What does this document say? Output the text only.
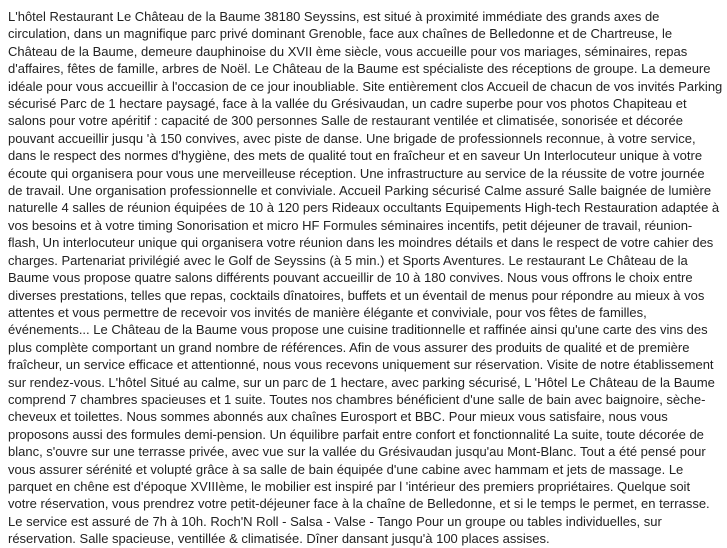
L'hôtel Restaurant Le Château de la Baume 38180 Seyssins, est situé à proximité immédiate des grands axes de
circulation, dans un magnifique parc privé dominant Grenoble, face aux chaînes de Belledonne et de Chartreuse, le
Château de la Baume, demeure dauphinoise du XVII ème siècle, vous accueille pour vos mariages, séminaires, repas
d'affaires, fêtes de famille, arbres de Noël. Le Château de la Baume est spécialiste des réceptions de groupe. La demeure
idéale pour vous accueillir à l'occasion de ce jour inoubliable. Site entièrement clos Accueil de chacun de vos invités Parking
sécurisé Parc de 1 hectare paysagé, face à la vallée du Grésivaudan, un cadre superbe pour vos photos Chapiteau et
salons pour votre apéritif : capacité de 300 personnes Salle de restaurant ventilée et climatisée, sonorisée et décorée
pouvant accueillir jusqu 'à 150 convives, avec piste de danse. Une brigade de professionnels reconnue, à votre service,
dans le respect des normes d'hygiène, des mets de qualité tout en fraîcheur et en saveur Un Interlocuteur unique à votre
écoute qui organisera pour vous une merveilleuse réception. Une infrastructure au service de la réussite de votre journée
de travail. Une organisation professionnelle et conviviale. Accueil Parking sécurisé Calme assuré Salle baignée de lumière
naturelle 4 salles de réunion équipées de 10 à 120 pers Rideaux occultants Equipements High-tech Restauration adaptée à
vos besoins et à votre timing Sonorisation et micro HF Formules séminaires incentifs, petit déjeuner de travail, réunion-
flash, Un interlocuteur unique qui organisera votre réunion dans les moindres détails et dans le respect de votre cahier des
charges. Partenariat privilégié avec le Golf de Seyssins (à 5 min.) et Sports Aventures. Le restaurant Le Château de la
Baume vous propose quatre salons différents pouvant accueillir de 10 à 180 convives. Nous vous offrons le choix entre
diverses prestations, telles que repas, cocktails dînatoires, buffets et un éventail de menus pour répondre au mieux à vos
attentes et vous permettre de recevoir vos invités de manière élégante et conviviale, pour vos fêtes de familles,
événements... Le Château de la Baume vous propose une cuisine traditionnelle et raffinée ainsi qu'une carte des vins des
plus complète comportant un grand nombre de références. Afin de vous assurer des produits de qualité et de première
fraîcheur, un service efficace et attentionné, nous vous recevons uniquement sur réservation. Visite de notre établissement
sur rendez-vous. L'hôtel Situé au calme, sur un parc de 1 hectare, avec parking sécurisé, L 'Hôtel Le Château de la Baume
comprend 7 chambres spacieuses et 1 suite. Toutes nos chambres bénéficient d'une salle de bain avec baignoire, sèche-
cheveux et toilettes. Nous sommes abonnés aux chaînes Eurosport et BBC. Pour mieux vous satisfaire, nous vous
proposons aussi des formules demi-pension. Un équilibre parfait entre confort et fonctionnalité La suite, toute décorée de
blanc, s'ouvre sur une terrasse privée, avec vue sur la vallée du Grésivaudan jusqu'au Mont-Blanc. Tout a été pensé pour
vous assurer sérénité et volupté grâce à sa salle de bain équipée d'une cabine avec hammam et jets de massage. Le
parquet en chêne est d'époque XVIIIème, le mobilier est inspiré par l 'intérieur des premiers propriétaires. Quelque soit
votre réservation, vous prendrez votre petit-déjeuner face à la chaîne de Belledonne, et si le temps le permet, en terrasse.
Le service est assuré de 7h à 10h. Roch'N Roll - Salsa - Valse - Tango Pour un groupe ou tables individuelles, sur
réservation. Salle spacieuse, ventillée & climatisée. Dîner dansant jusqu'à 100 places assises.
